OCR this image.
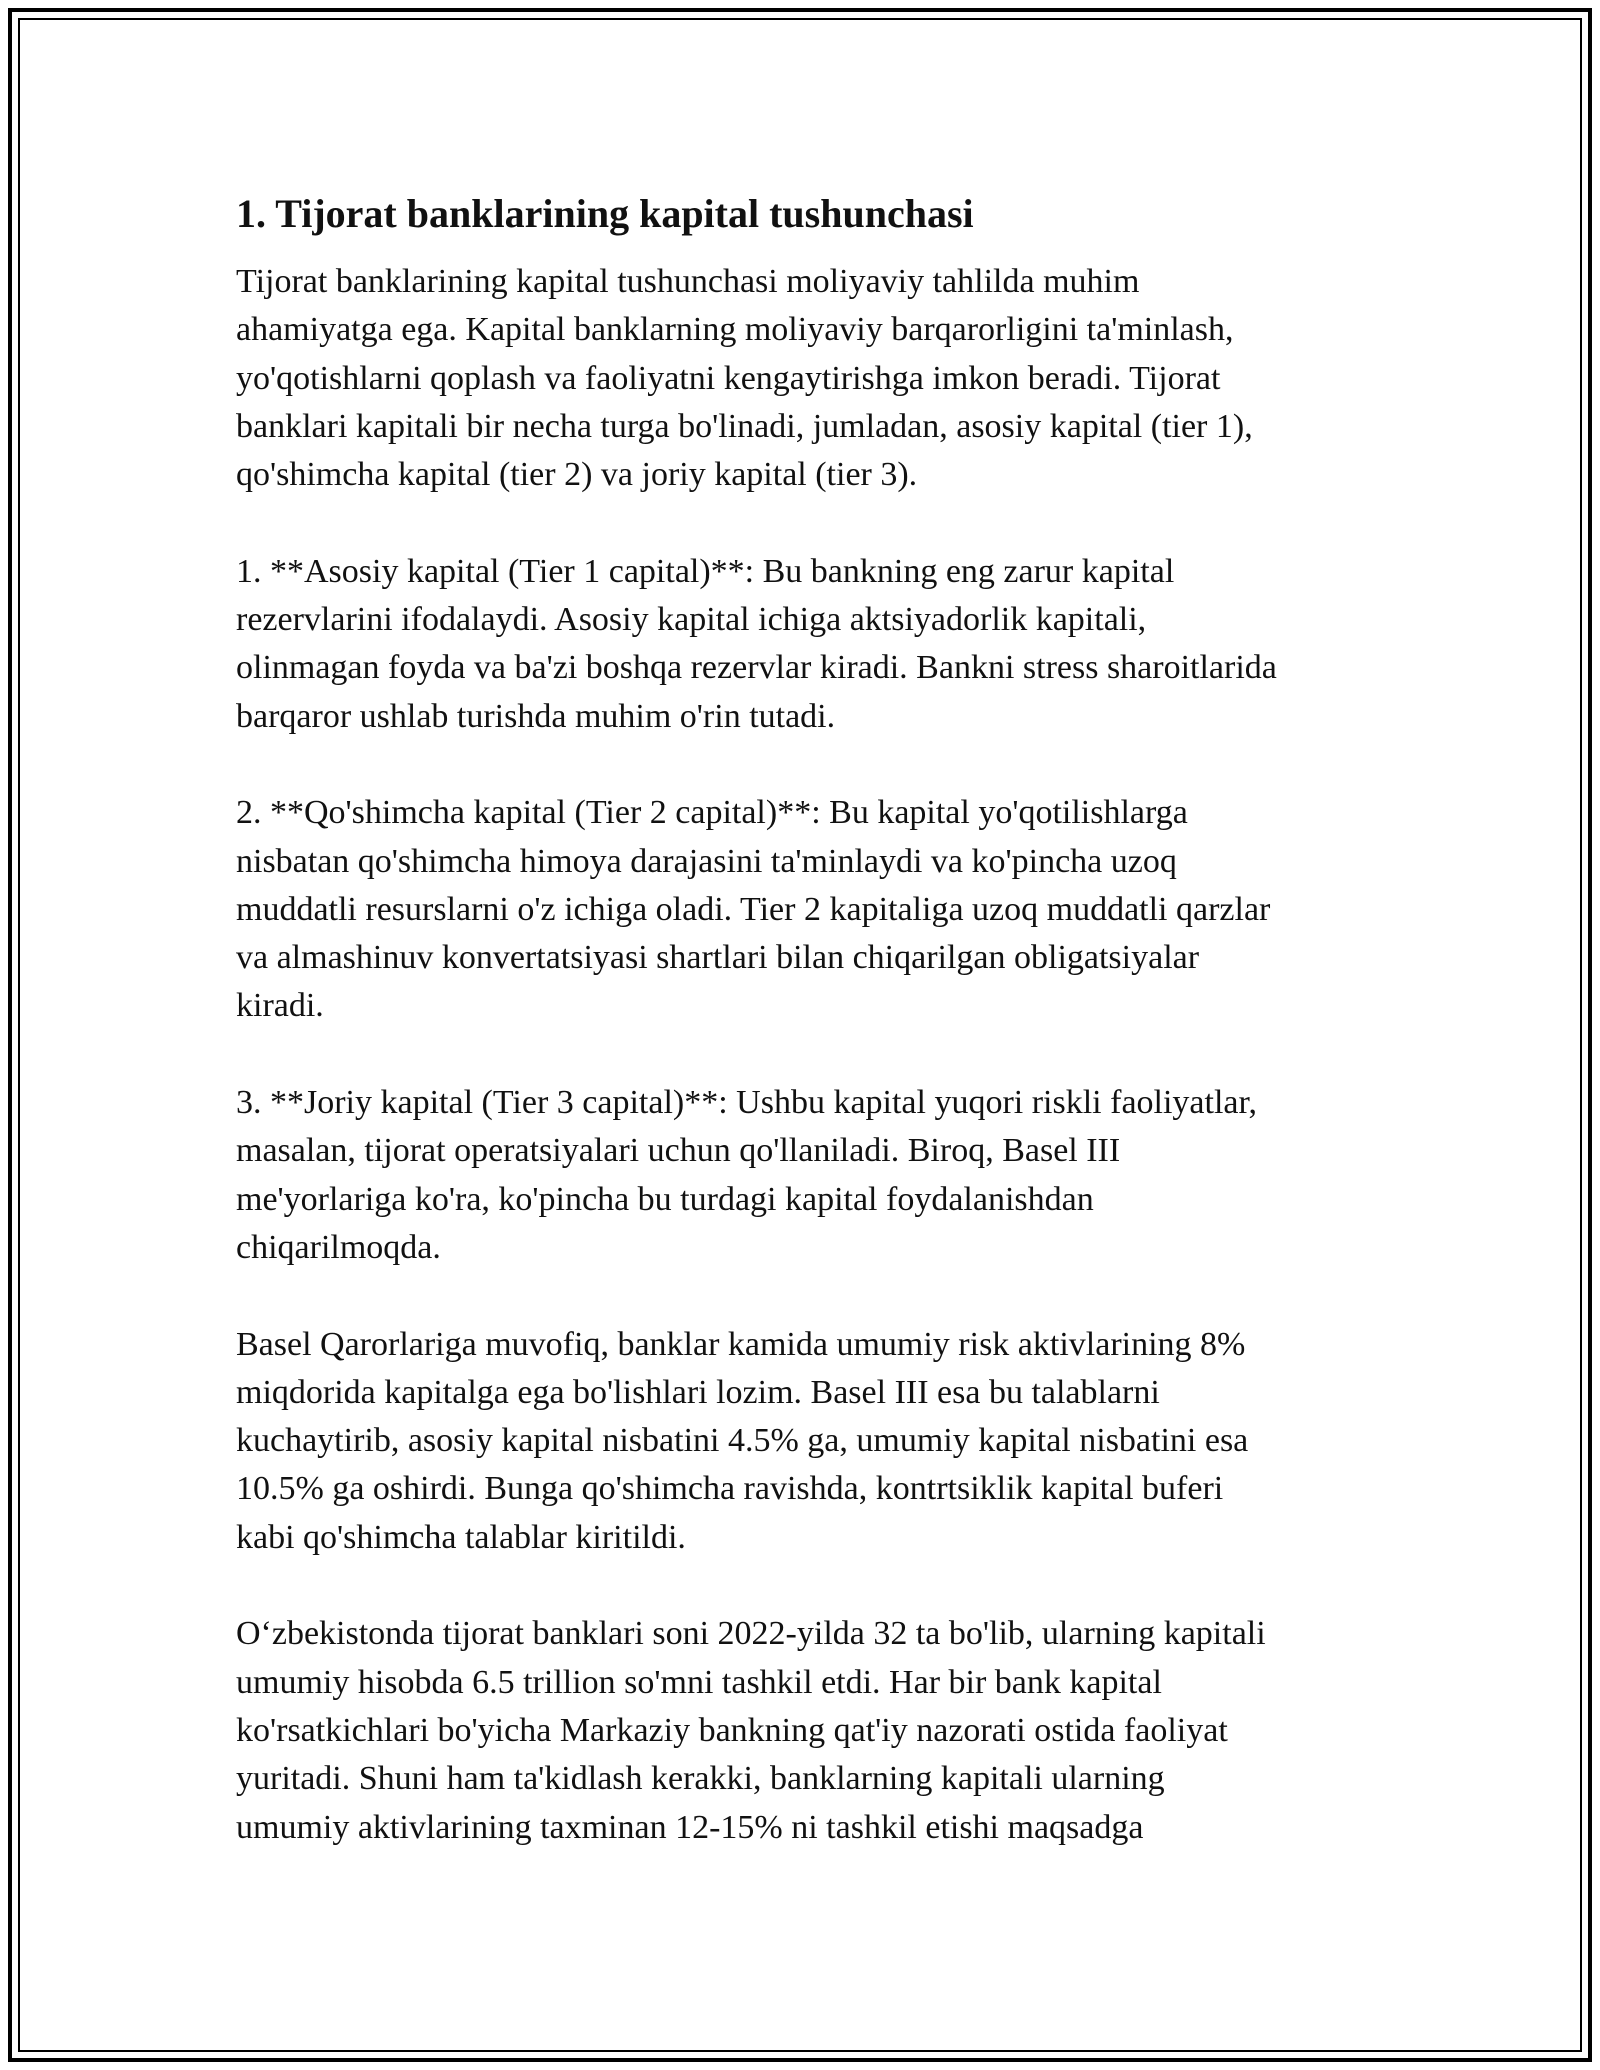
1. Tijorat banklarining kapital tushunchasi

Tijorat banklarining kapital tushunchasi moliyaviy tahlilda muhim
ahamiyatga ega. Kapital banklarning moliyaviy barqarorligini ta'minlash,
yo'qotishlarni qoplash va faoliyatni kengaytirishga imkon beradi. Tijorat
banklari kapitali bir necha turga bo'linadi, jumladan, asosiy kapital (tier 1),
qo'shimcha kapital (tier 2) va joriy kapital (tier 3).

1. **Asosiy kapital (Tier 1 capital)**: Bu bankning eng zarur kapital
rezervlarini ifodalaydi. Asosiy kapital ichiga aktsiyadorlik kapitali,
olinmagan foyda va ba'zi boshqa rezervlar kiradi. Bankni stress sharoitlarida
barqaror ushlab turishda muhim o'rin tutadi.

2. **Qo'shimcha kapital (Tier 2 capital)**: Bu kapital yo'qotilishlarga
nisbatan qo'shimcha himoya darajasini ta'minlaydi va ko'pincha uzoq
muddatli resurslarni o'z ichiga oladi. Tier 2 kapitaliga uzoq muddatli qarzlar
va almashinuv konvertatsiyasi shartlari bilan chiqarilgan obligatsiyalar
kiradi.

3. **Joriy kapital (Tier 3 capital)**: Ushbu kapital yuqori riskli faoliyatlar,
masalan, tijorat operatsiyalari uchun qo'llaniladi. Biroq, Basel III
me'yorlariga ko'ra, ko'pincha bu turdagi kapital foydalanishdan
chiqarilmoqda.

Basel Qarorlariga muvofiq, banklar kamida umumiy risk aktivlarining 8%
miqdorida kapitalga ega bo'lishlari lozim. Basel III esa bu talablarni
kuchaytirib, asosiy kapital nisbatini 4.5% ga, umumiy kapital nisbatini esa
10.5% ga oshirdi. Bunga qo'shimcha ravishda, kontrtsiklik kapital buferi
kabi qo'shimcha talablar kiritildi.

O‘zbekistonda tijorat banklari soni 2022-yilda 32 ta bo'lib, ularning kapitali
umumiy hisobda 6.5 trillion so'mni tashkil etdi. Har bir bank kapital
ko'rsatkichlari bo'yicha Markaziy bankning qat'iy nazorati ostida faoliyat
yuritadi. Shuni ham ta'kidlash kerakki, banklarning kapitali ularning
umumiy aktivlarining taxminan 12-15% ni tashkil etishi maqsadga
